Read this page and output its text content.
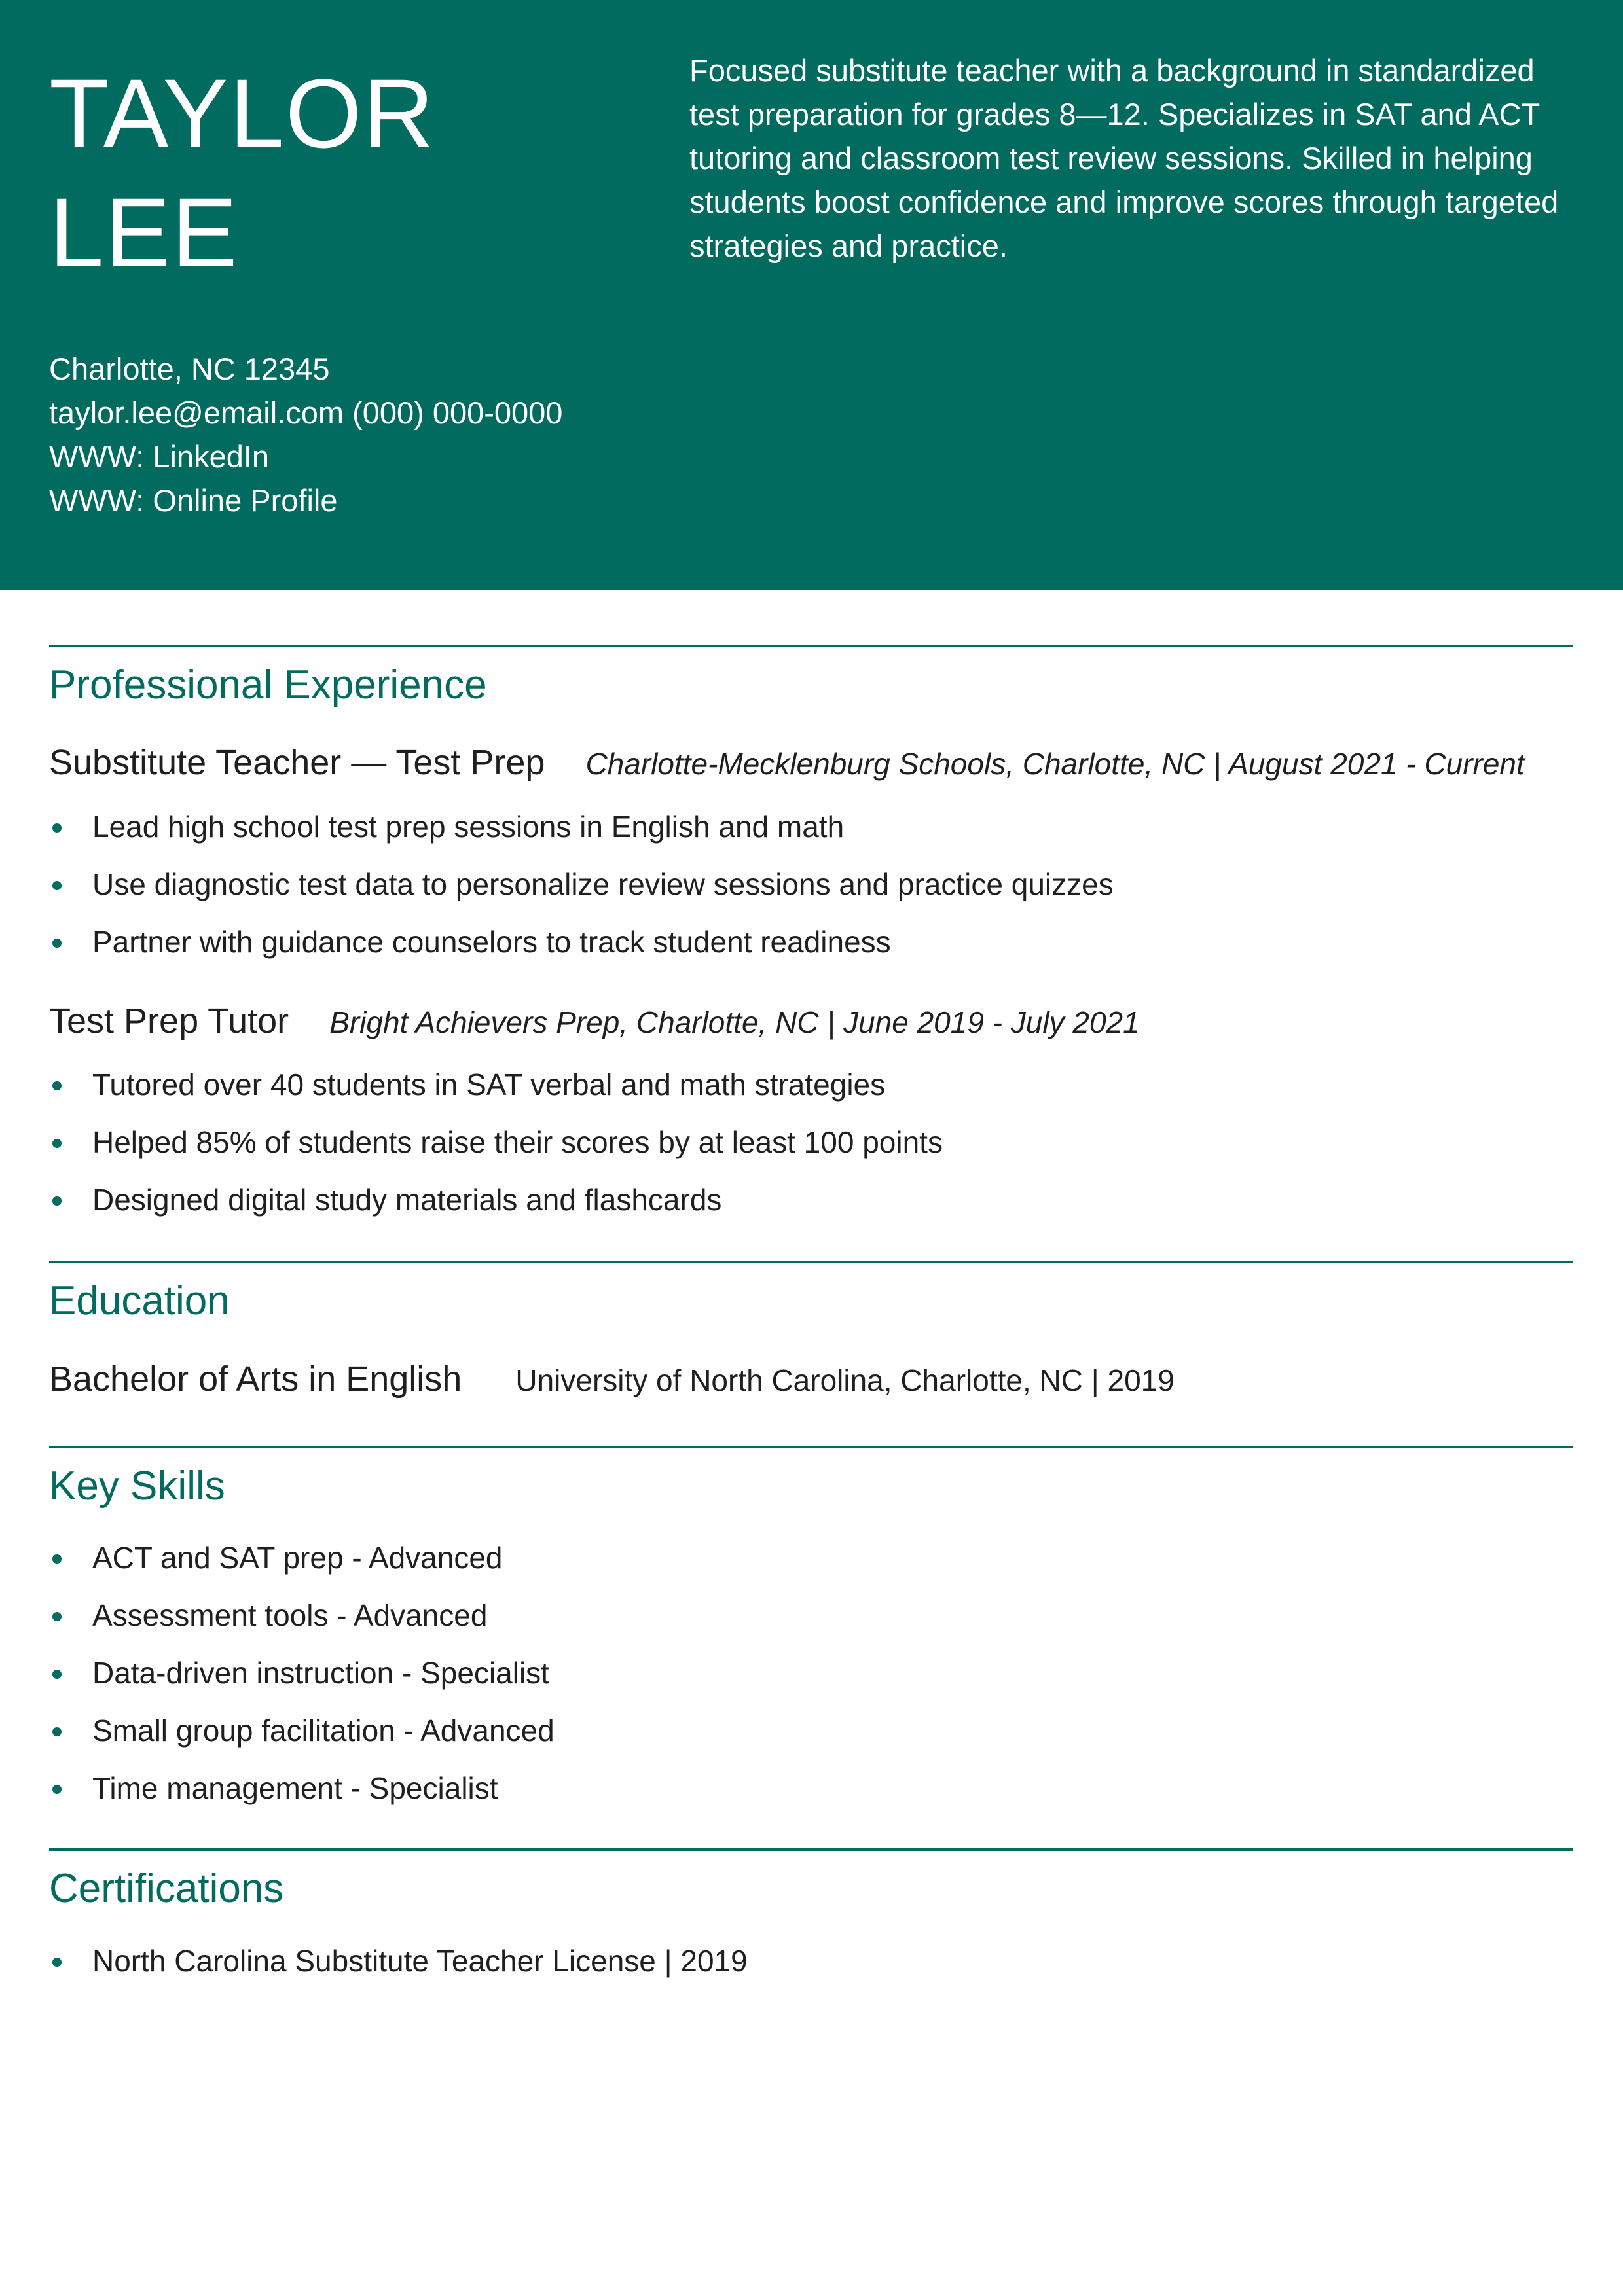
TAYLOR
LEE
Focused substitute teacher with a background in standardized test preparation for grades 8—12. Specializes in SAT and ACT tutoring and classroom test review sessions. Skilled in helping students boost confidence and improve scores through targeted strategies and practice.
Charlotte, NC 12345
taylor.lee@email.com (000) 000-0000
WWW: LinkedIn
WWW: Online Profile
Professional Experience
Substitute Teacher — Test Prep Charlotte-Mecklenburg Schools, Charlotte, NC | August 2021 - Current
Lead high school test prep sessions in English and math
Use diagnostic test data to personalize review sessions and practice quizzes
Partner with guidance counselors to track student readiness
Test Prep Tutor Bright Achievers Prep, Charlotte, NC | June 2019 - July 2021
Tutored over 40 students in SAT verbal and math strategies
Helped 85% of students raise their scores by at least 100 points
Designed digital study materials and flashcards
Education
Bachelor of Arts in English University of North Carolina, Charlotte, NC | 2019
Key Skills
ACT and SAT prep - Advanced
Assessment tools - Advanced
Data-driven instruction - Specialist
Small group facilitation - Advanced
Time management - Specialist
Certifications
North Carolina Substitute Teacher License | 2019
